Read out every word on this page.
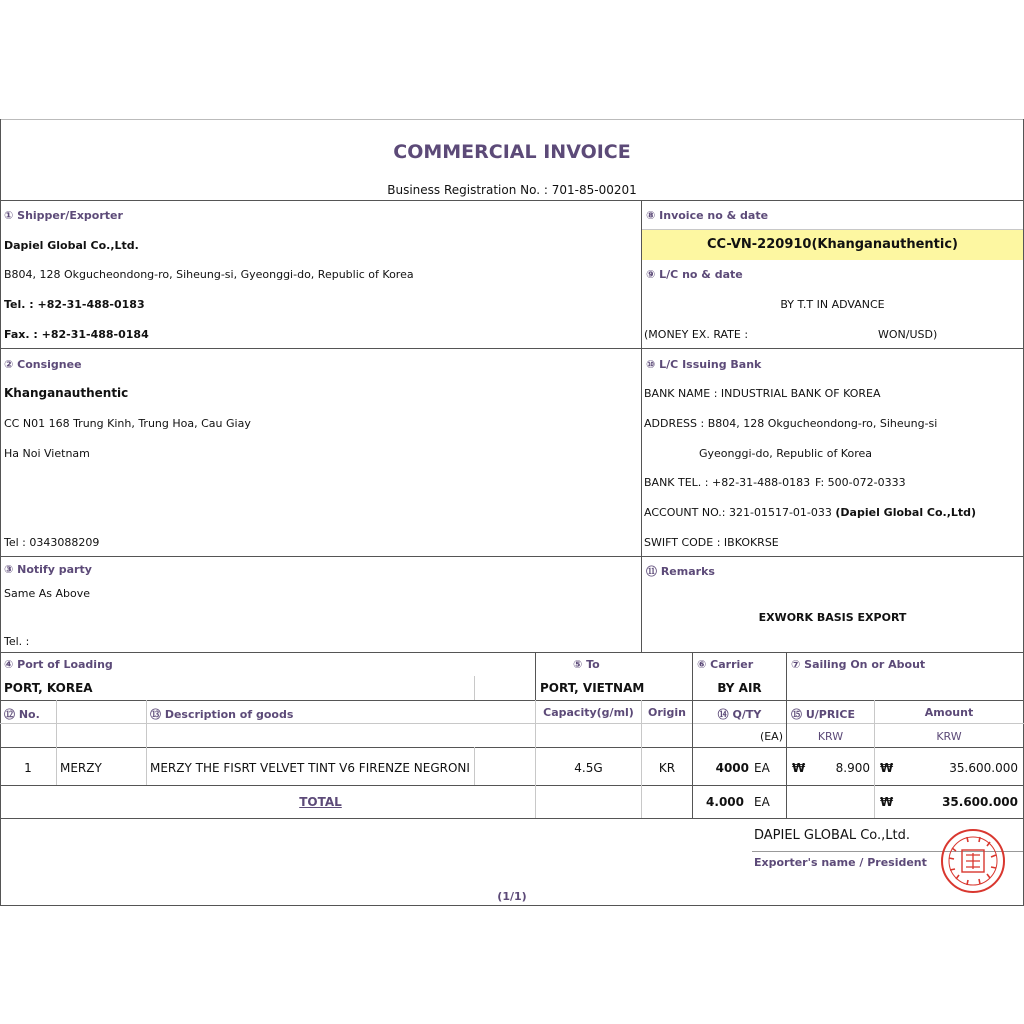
COMMERCIAL INVOICE
Business Registration No. : 701-85-00201
① Shipper/Exporter
Dapiel Global Co.,Ltd.
B804, 128 Okgucheondong-ro, Siheung-si, Gyeonggi-do, Republic of Korea
Tel. : +82-31-488-0183
Fax. : +82-31-488-0184
⑧ Invoice no & date
CC-VN-220910(Khanganauthentic)
⑨ L/C no & date
BY T.T IN ADVANCE
(MONEY EX. RATE :	WON/USD)
② Consignee
Khanganauthentic
CC N01 168 Trung Kinh, Trung Hoa, Cau Giay
Ha Noi Vietnam
Tel : 0343088209
⑩ L/C Issuing Bank
BANK NAME : INDUSTRIAL BANK OF KOREA
ADDRESS : B804, 128 Okgucheondong-ro, Siheung-si
Gyeonggi-do, Republic of Korea
BANK TEL. : +82-31-488-0183 F: 500-072-0333
ACCOUNT NO.: 321-01517-01-033 (Dapiel Global Co.,Ltd)
SWIFT CODE : IBKOKRSE
③ Notify party
Same As Above
Tel. :
⑪ Remarks
EXWORK BASIS EXPORT
④ Port of Loading
PORT, KOREA
⑤ To
PORT, VIETNAM
⑥ Carrier
BY AIR
⑦ Sailing On or About
⑫ No.	⑬ Description of goods	Capacity(g/ml)	Origin	⑭ Q/TY	⑮ U/PRICE	Amount
(EA)	KRW	KRW
1	MERZY	MERZY THE FISRT VELVET TINT V6 FIRENZE NEGRONI	4.5G	KR	4000 EA ₩	8.900 ₩	35.600.000
TOTAL	4.000 EA	₩	35.600.000
DAPIEL GLOBAL Co.,Ltd.
Exporter's name / President
(1/1)
